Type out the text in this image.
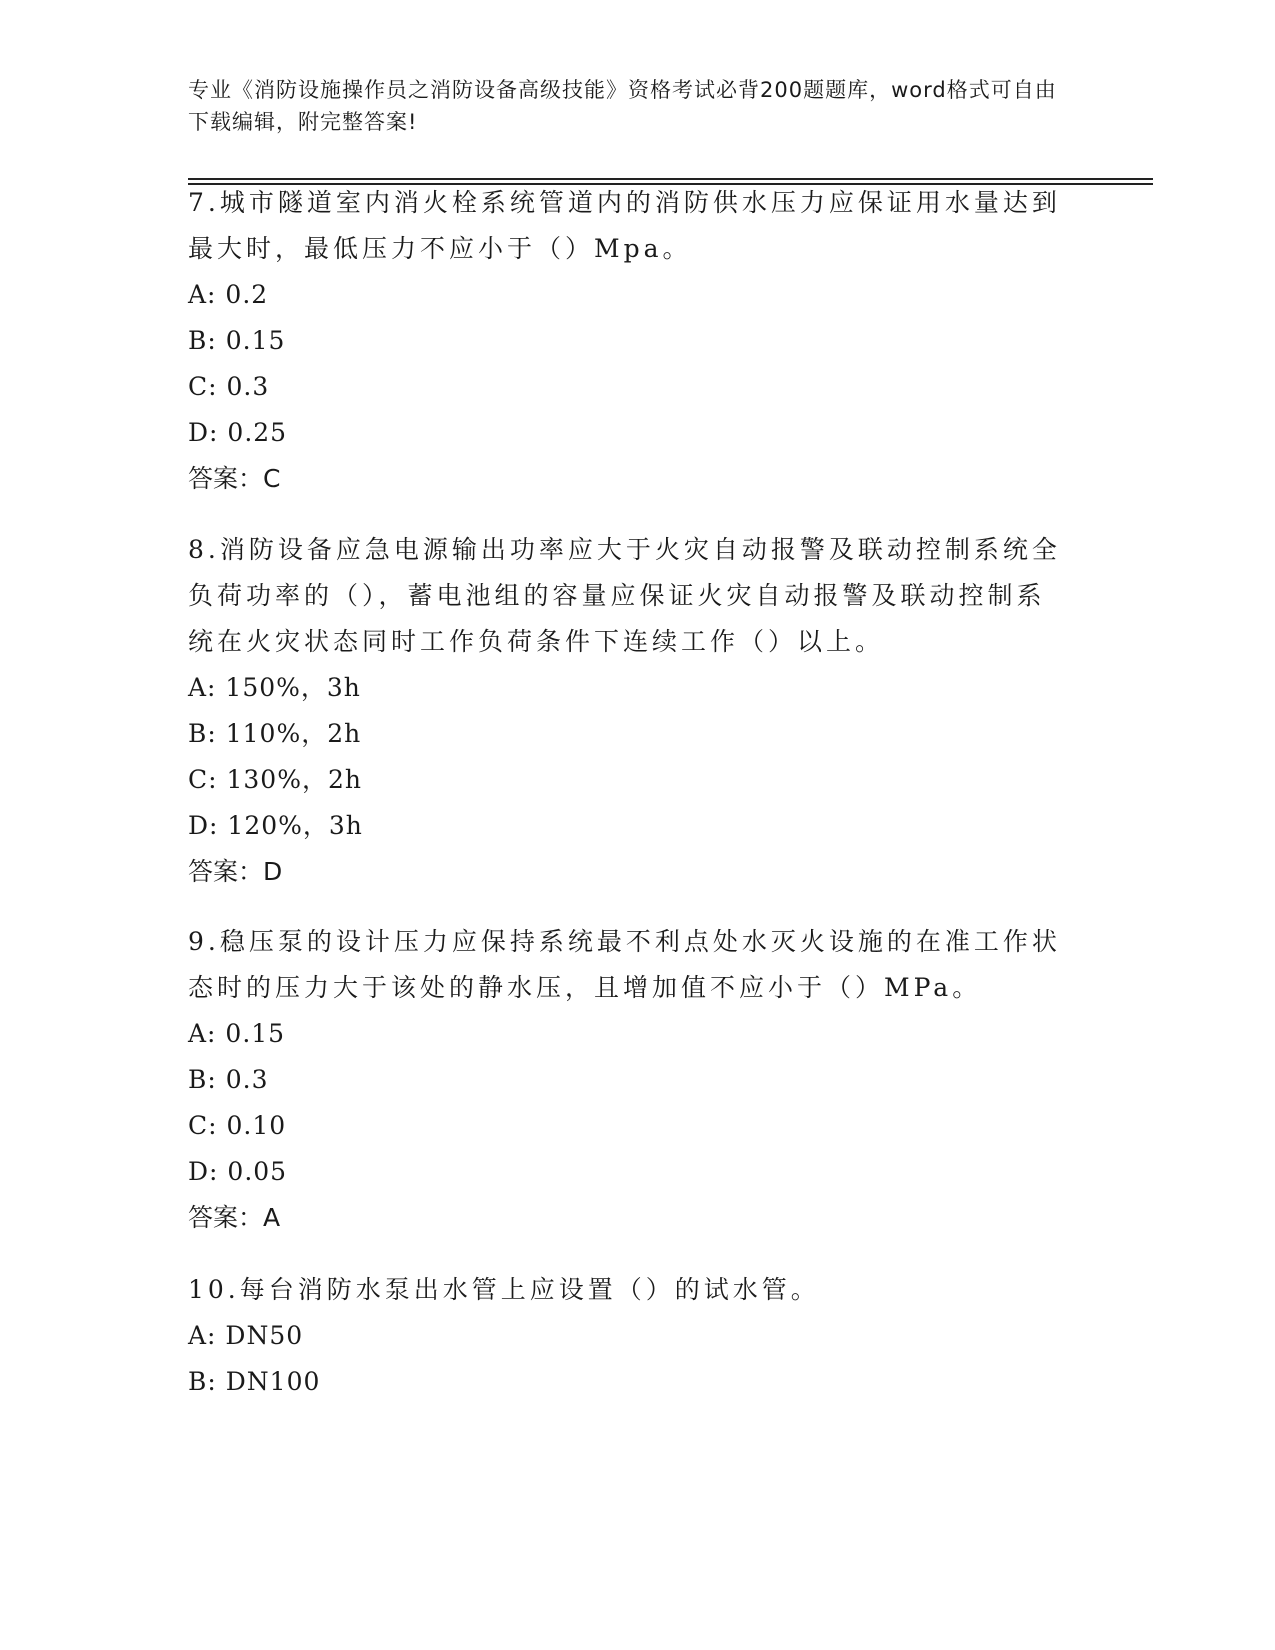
专业《消防设施操作员之消防设备高级技能》资格考试必背200题题库，word格式可自由下载编辑，附完整答案!

7.城市隧道室内消火栓系统管道内的消防供水压力应保证用水量达到最大时，最低压力不应小于（）Mpa。

A: 0.2

B: 0.15

C: 0.3

D: 0.25

答案：C

8.消防设备应急电源输出功率应大于火灾自动报警及联动控制系统全负荷功率的（），蓄电池组的容量应保证火灾自动报警及联动控制系统在火灾状态同时工作负荷条件下连续工作（）以上。

A: 150%，3h

B: 110%，2h

C: 130%，2h

D: 120%，3h

答案：D

9.稳压泵的设计压力应保持系统最不利点处水灭火设施的在准工作状态时的压力大于该处的静水压，且增加值不应小于（）MPa。

A: 0.15

B: 0.3

C: 0.10

D: 0.05

答案：A

10.每台消防水泵出水管上应设置（）的试水管。

A: DN50

B: DN100
